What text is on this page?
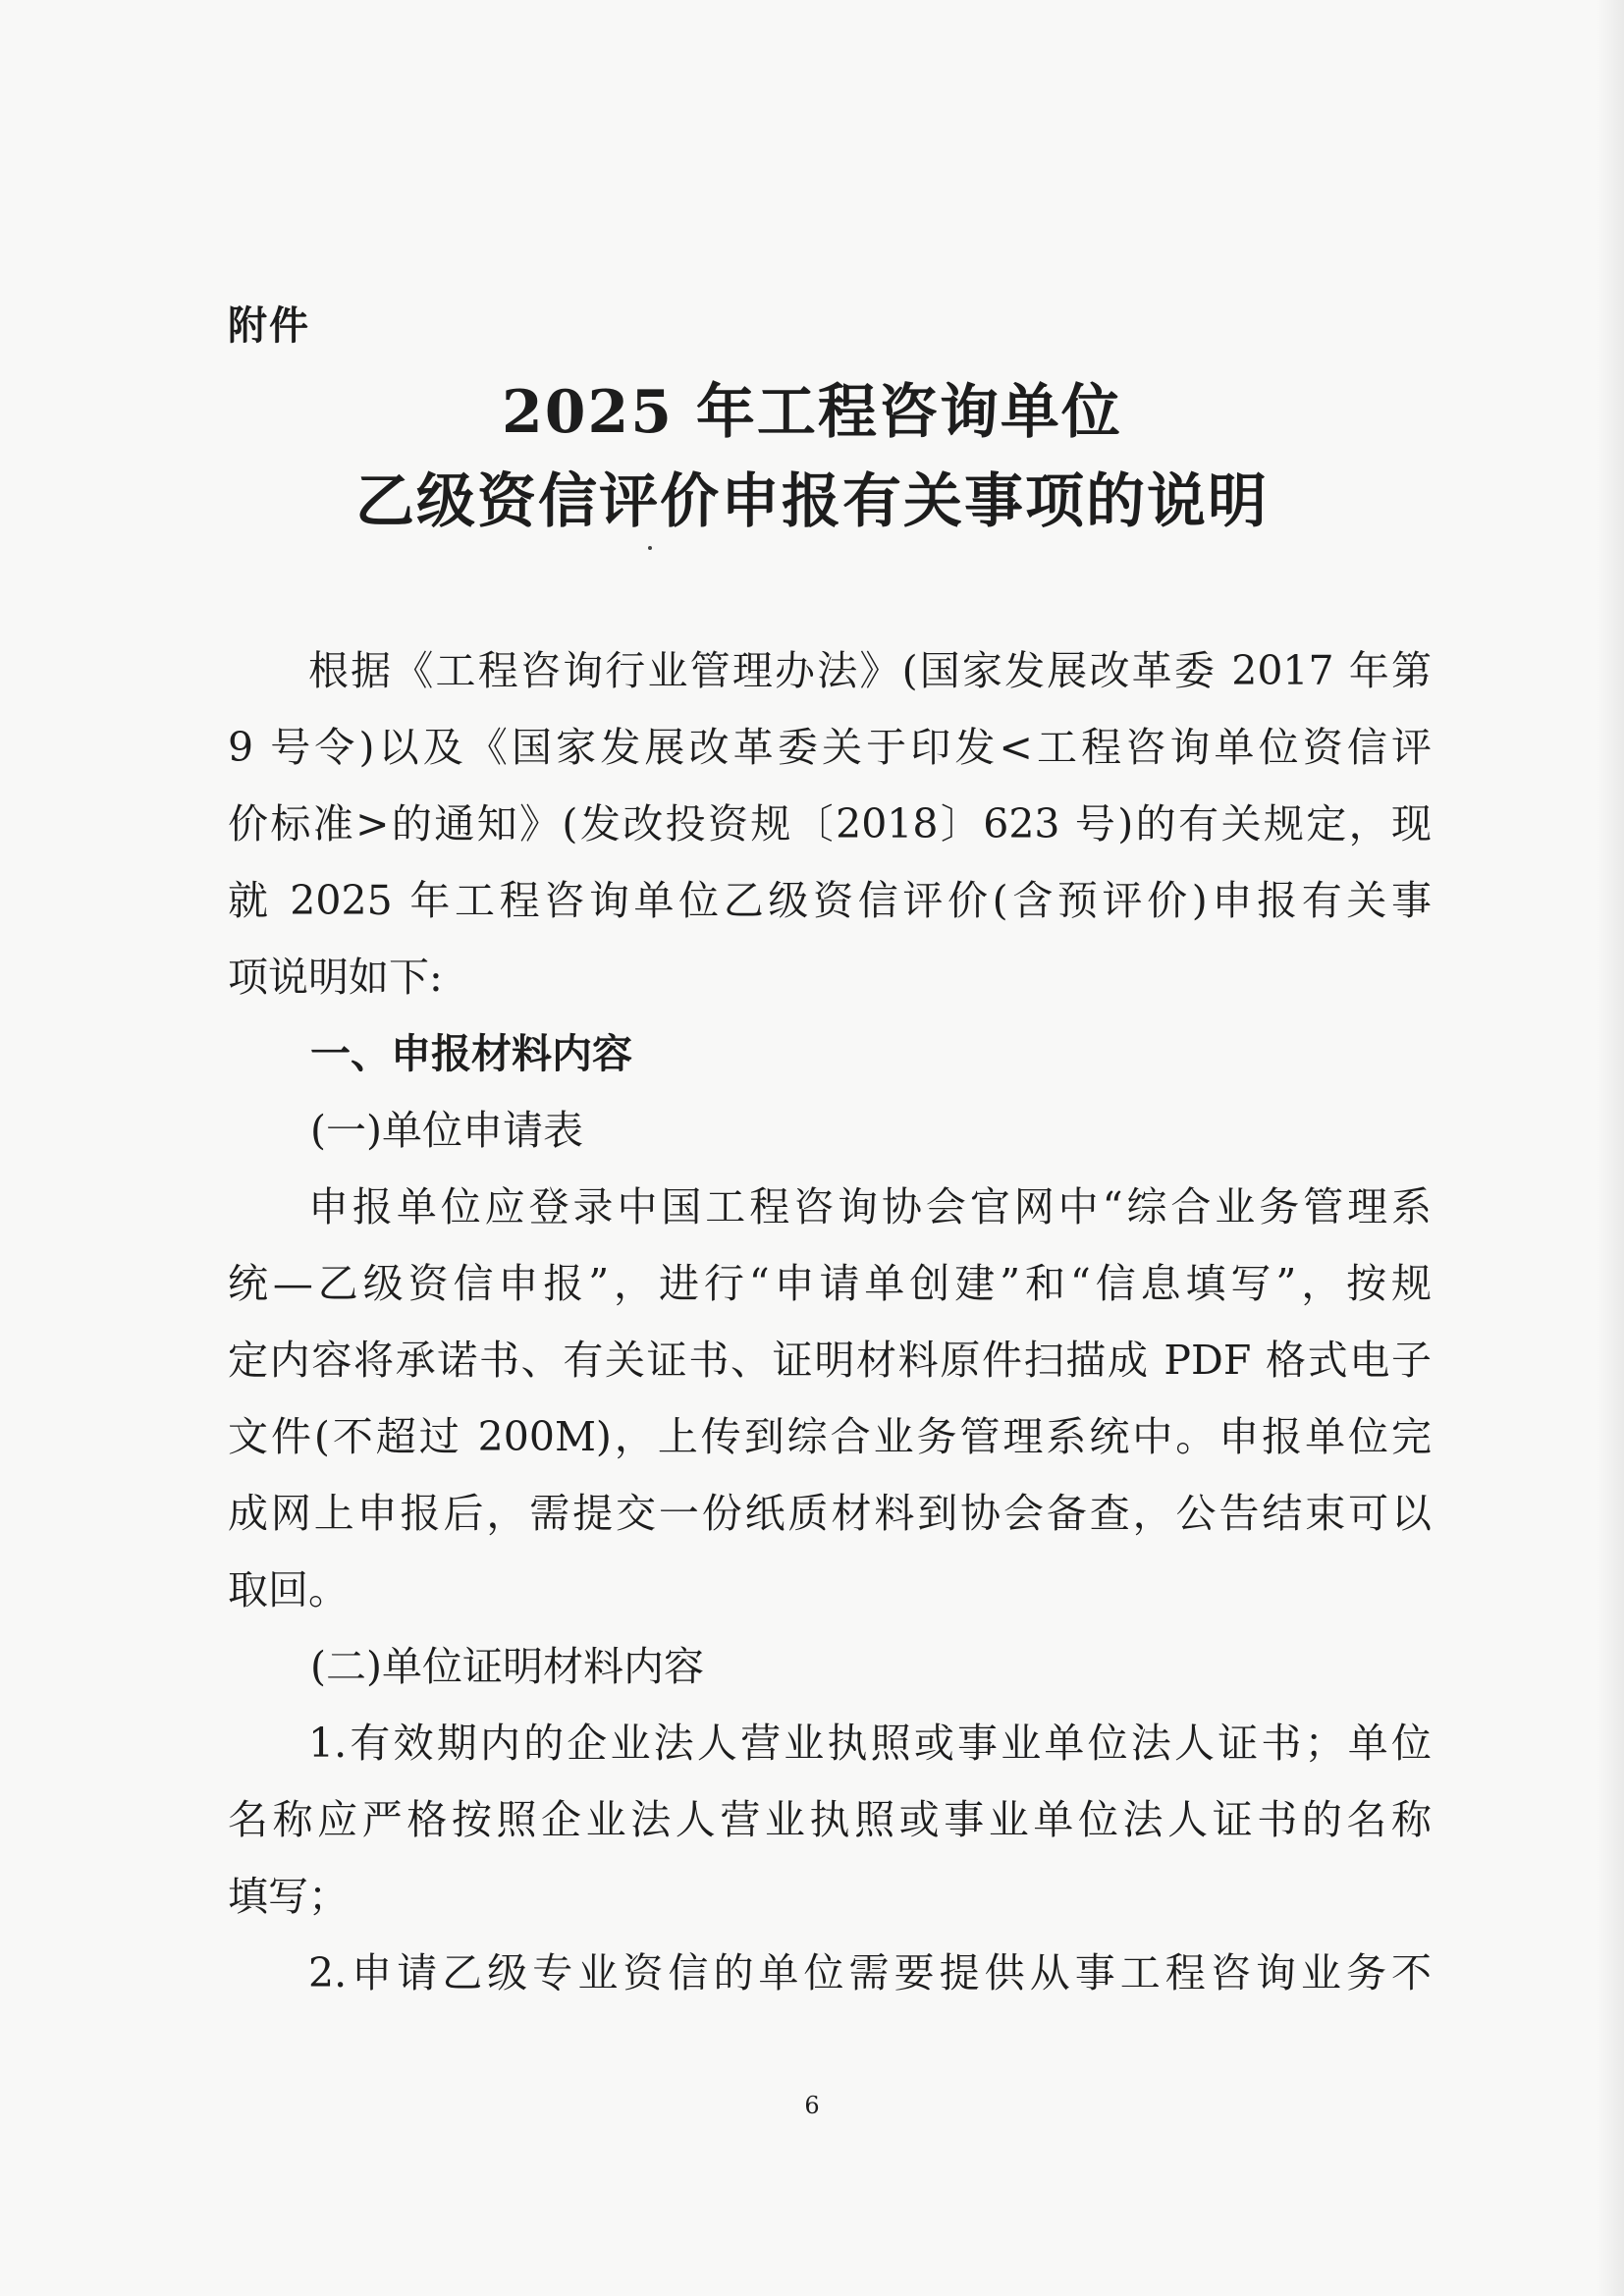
附件
2025 年工程咨询单位
乙级资信评价申报有关事项的说明
根据《工程咨询行业管理办法》(国家发展改革委 2017 年第
9 号令)以及《国家发展改革委关于印发<工程咨询单位资信评
价标准>的通知》(发改投资规〔2018〕623 号)的有关规定，现
就 2025 年工程咨询单位乙级资信评价(含预评价)申报有关事
项说明如下:
一、申报材料内容
(一)单位申请表
申报单位应登录中国工程咨询协会官网中“综合业务管理系
统—乙级资信申报”，进行“申请单创建”和“信息填写”，按规
定内容将承诺书、有关证书、证明材料原件扫描成 PDF 格式电子
文件(不超过 200M)，上传到综合业务管理系统中。申报单位完
成网上申报后，需提交一份纸质材料到协会备查，公告结束可以
取回。
(二)单位证明材料内容
1.有效期内的企业法人营业执照或事业单位法人证书；单位
名称应严格按照企业法人营业执照或事业单位法人证书的名称
填写；
2.申请乙级专业资信的单位需要提供从事工程咨询业务不
6
